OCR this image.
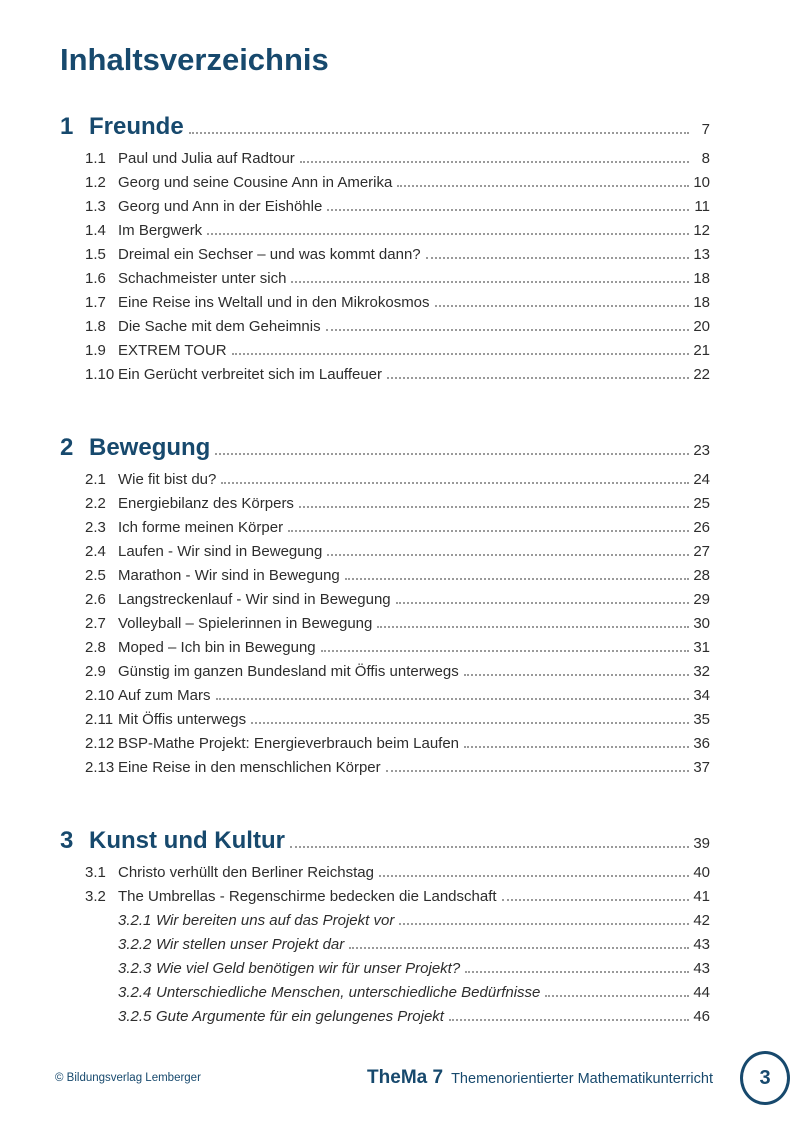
Inhaltsverzeichnis
1 Freunde	7
1.1 Paul und Julia auf Radtour	8
1.2 Georg und seine Cousine Ann in Amerika	10
1.3 Georg und Ann in der Eishöhle	11
1.4 Im Bergwerk	12
1.5 Dreimal ein Sechser – und was kommt dann?	13
1.6 Schachmeister unter sich	18
1.7 Eine Reise ins Weltall und in den Mikrokosmos	18
1.8 Die Sache mit dem Geheimnis	20
1.9 EXTREM TOUR	21
1.10 Ein Gerücht verbreitet sich im Lauffeuer	22
2 Bewegung	23
2.1 Wie fit bist du?	24
2.2 Energiebilanz des Körpers	25
2.3 Ich forme meinen Körper	26
2.4 Laufen - Wir sind in Bewegung	27
2.5 Marathon - Wir sind in Bewegung	28
2.6 Langstreckenlauf - Wir sind in Bewegung	29
2.7 Volleyball – Spielerinnen in Bewegung	30
2.8 Moped – Ich bin in Bewegung	31
2.9 Günstig im ganzen Bundesland mit Öffis unterwegs	32
2.10 Auf zum Mars	34
2.11 Mit Öffis unterwegs	35
2.12 BSP-Mathe Projekt: Energieverbrauch beim Laufen	36
2.13 Eine Reise in den menschlichen Körper	37
3 Kunst und Kultur	39
3.1 Christo verhüllt den Berliner Reichstag	40
3.2 The Umbrellas - Regenschirme bedecken die Landschaft	41
3.2.1 Wir bereiten uns auf das Projekt vor	42
3.2.2 Wir stellen unser Projekt dar	43
3.2.3 Wie viel Geld benötigen wir für unser Projekt?	43
3.2.4 Unterschiedliche Menschen, unterschiedliche Bedürfnisse	44
3.2.5 Gute Argumente für ein gelungenes Projekt	46
© Bildungsverlag Lemberger	TheMa 7 Themenorientierter Mathematikunterricht 3
